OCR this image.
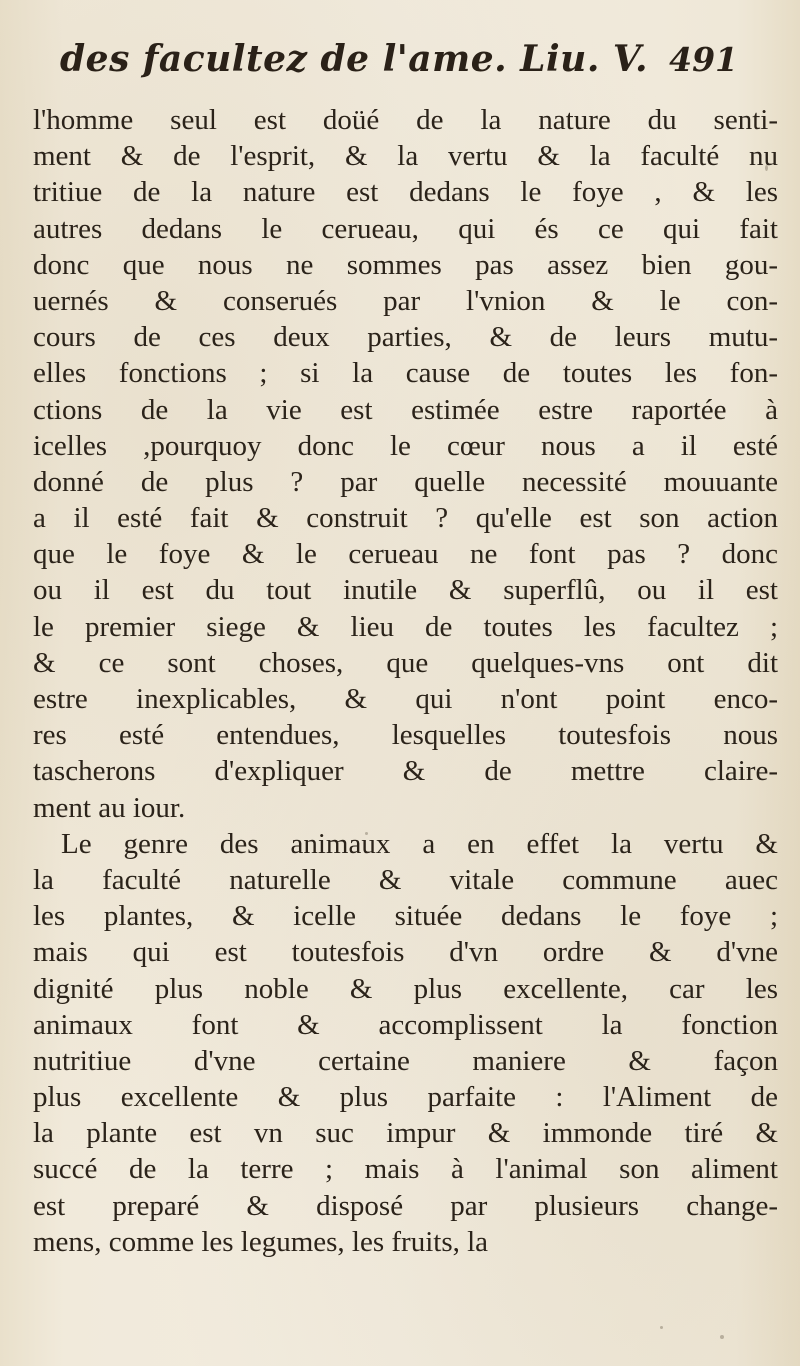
des facultez de l'ame. Liu. V. 491
l'homme seul est doüé de la nature du senti-
ment & de l'esprit, & la vertu & la faculté nu
tritiue de la nature est dedans le foye , & les
autres dedans le cerueau, qui és ce qui fait
donc que nous ne sommes pas assez bien gou-
uernés & conserués par l'vnion & le con-
cours de ces deux parties, & de leurs mutu-
elles fonctions ; si la cause de toutes les fon-
ctions de la vie est estimée estre raportée à
icelles ,pourquoy donc le cœur nous a il esté
donné de plus ? par quelle necessité mouuante
a il esté fait & construit ? qu'elle est son action
que le foye & le cerueau ne font pas ? donc
ou il est du tout inutile & superflû, ou il est
le premier siege & lieu de toutes les facultez ;
& ce sont choses, que quelques-vns ont dit
estre inexplicables, & qui n'ont point enco-
res esté entendues, lesquelles toutesfois nous
tascherons d'expliquer & de mettre claire-
ment au iour.
Le genre des animaux a en effet la vertu &
la faculté naturelle & vitale commune auec
les plantes, & icelle située dedans le foye ;
mais qui est toutesfois d'vn ordre & d'vne
dignité plus noble & plus excellente, car les
animaux font & accomplissent la fonction
nutritiue d'vne certaine maniere & façon
plus excellente & plus parfaite : l'Aliment de
la plante est vn suc impur & immonde tiré &
succé de la terre ; mais à l'animal son aliment
est preparé & disposé par plusieurs change-
mens, comme les legumes, les fruits, la
